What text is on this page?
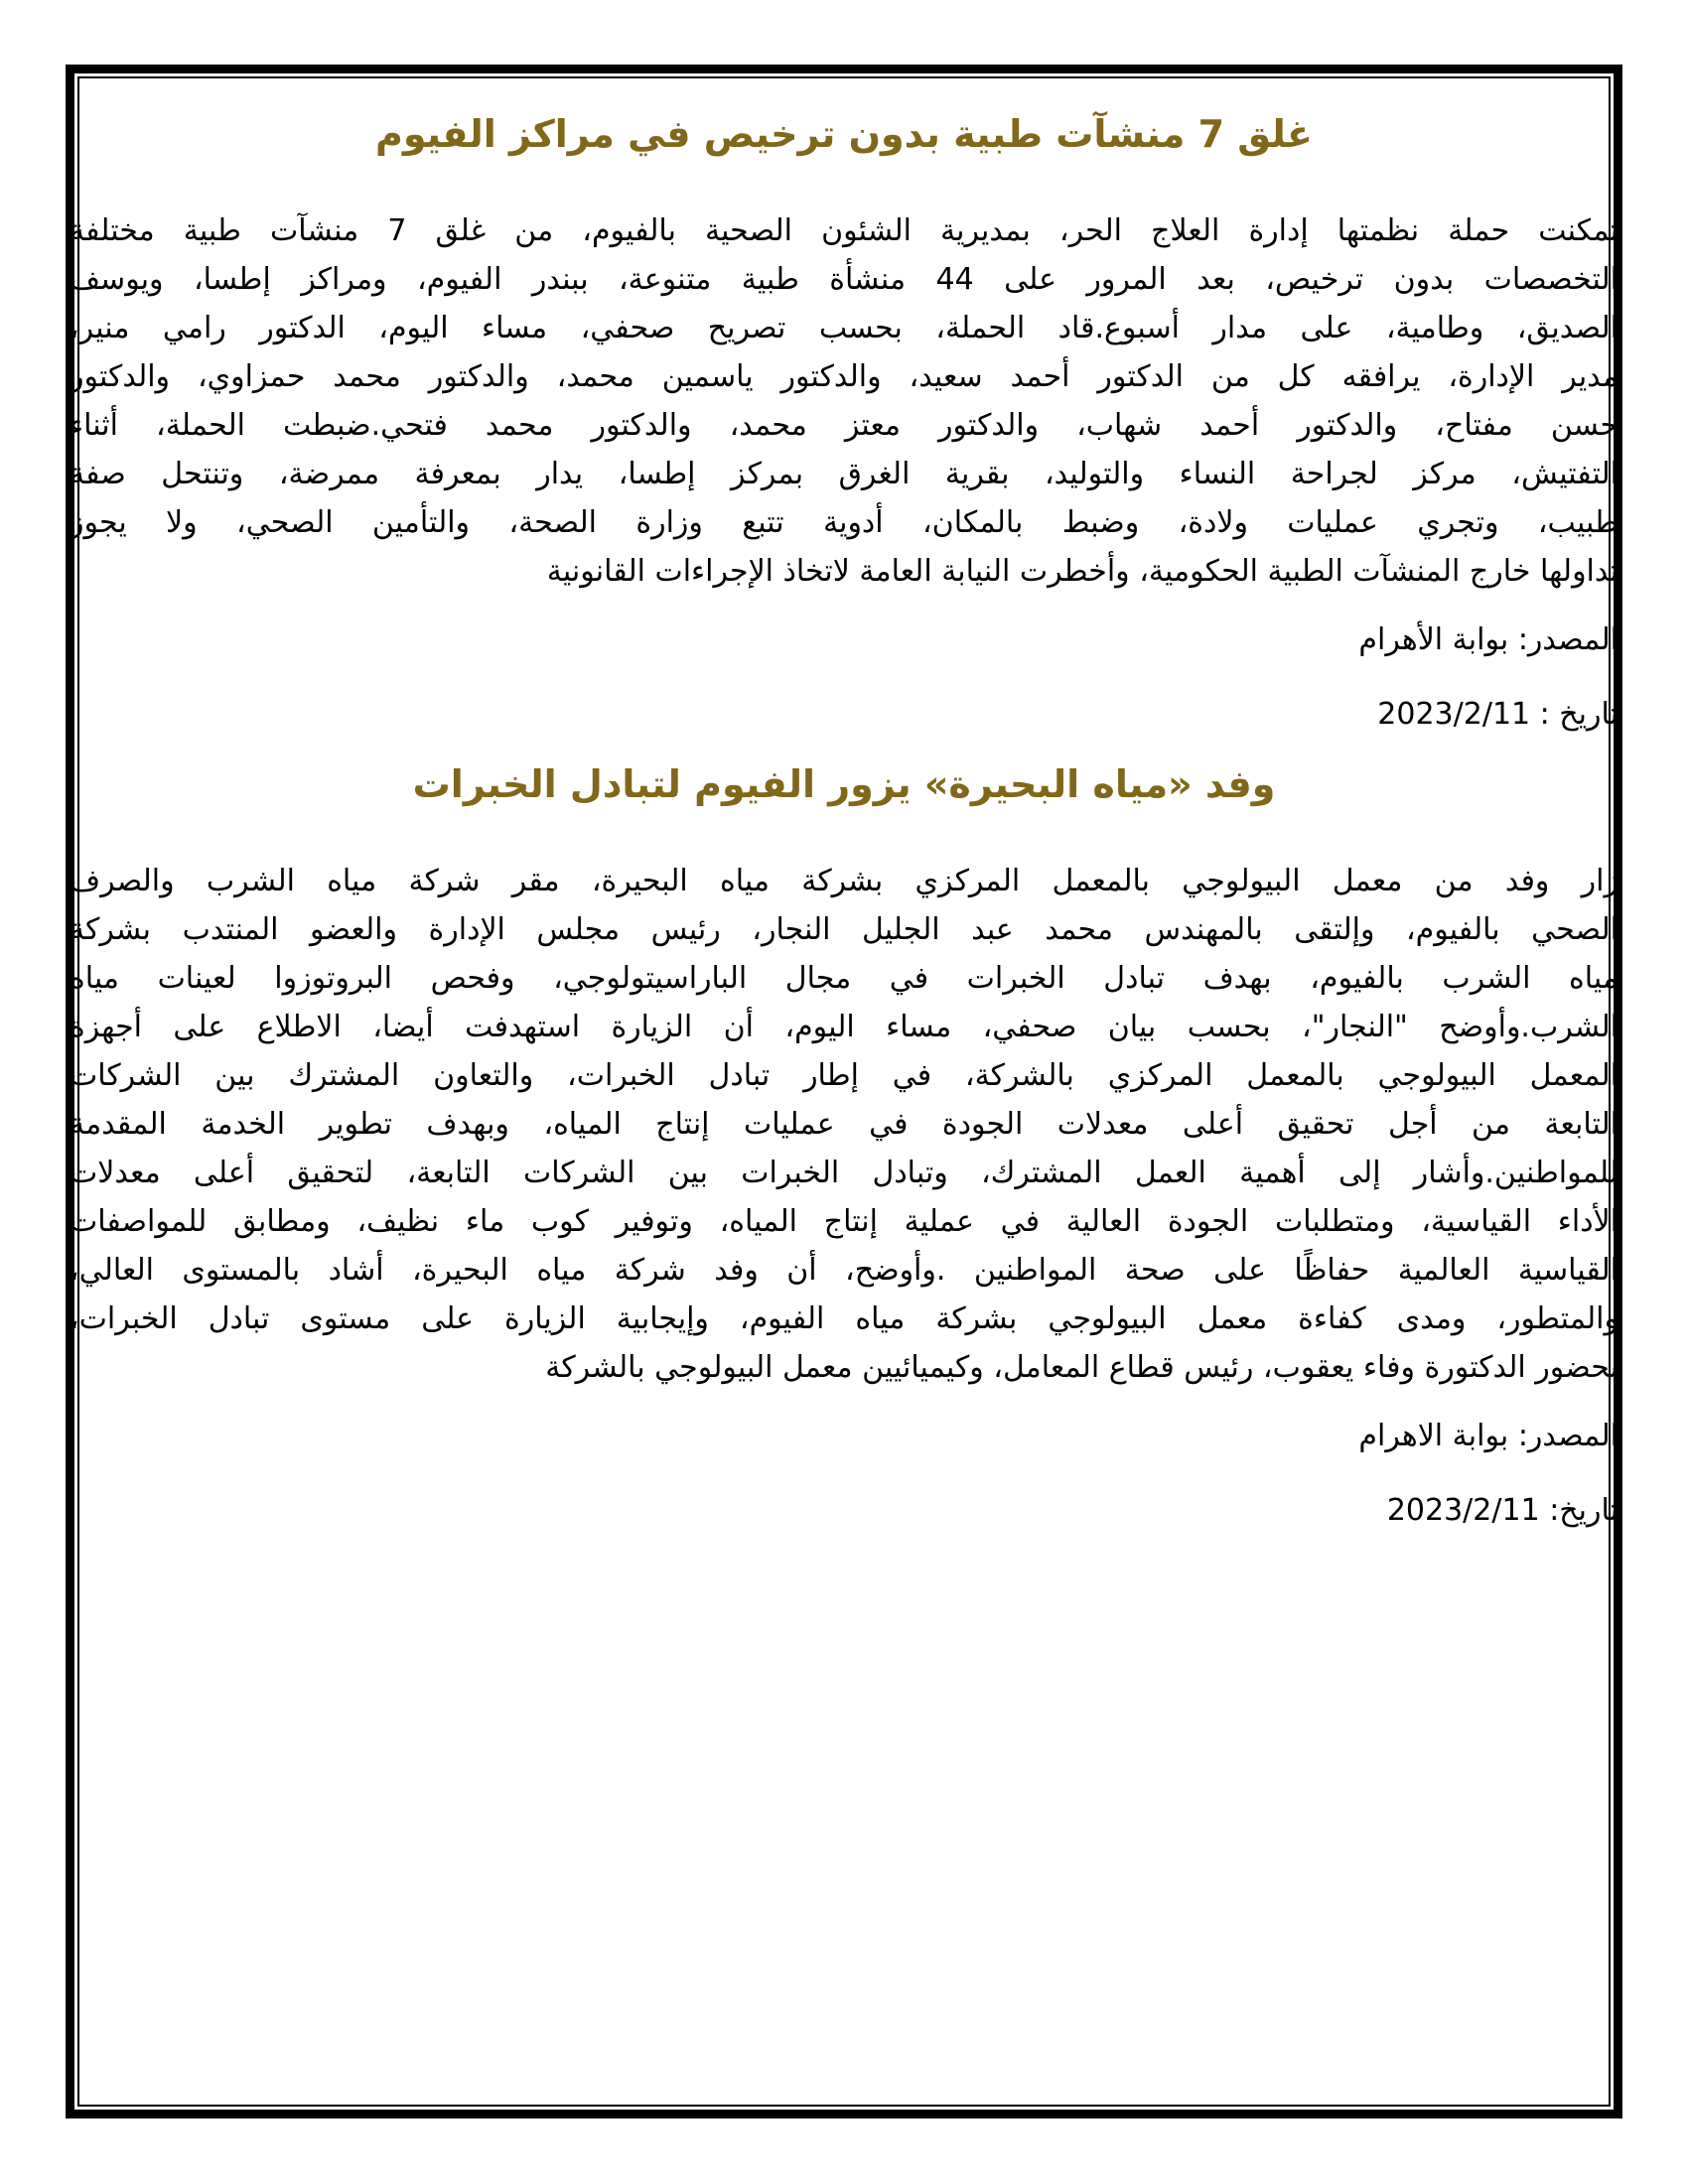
غلق 7 منشآت طبية بدون ترخيص في مراكز الفيوم
تمكنت حملة نظمتها إدارة العلاج الحر، بمديرية الشئون الصحية بالفيوم، من غلق 7 منشآت طبية مختلفة
التخصصات بدون ترخيص، بعد المرور على 44 منشأة طبية متنوعة، ببندر الفيوم، ومراكز إطسا، ويوسف
الصديق، وطامية، على مدار أسبوع.قاد الحملة، بحسب تصريح صحفي، مساء اليوم، الدكتور رامي منير،
مدير الإدارة، يرافقه كل من الدكتور أحمد سعيد، والدكتور ياسمين محمد، والدكتور محمد حمزاوي، والدكتور
حسن مفتاح، والدكتور أحمد شهاب، والدكتور معتز محمد، والدكتور محمد فتحي.ضبطت الحملة، أثناء
التفتيش، مركز لجراحة النساء والتوليد، بقرية الغرق بمركز إطسا، يدار بمعرفة ممرضة، وتنتحل صفة
طبيب، وتجري عمليات ولادة، وضبط بالمكان، أدوية تتبع وزارة الصحة، والتأمين الصحي، ولا يجوز
تداولها خارج المنشآت الطبية الحكومية، وأخطرت النيابة العامة لاتخاذ الإجراءات القانونية

المصدر: بوابة الأهرام

تاريخ : 2023/2/11

وفد «مياه البحيرة» يزور الفيوم لتبادل الخبرات
زار وفد من معمل البيولوجي بالمعمل المركزي بشركة مياه البحيرة، مقر شركة مياه الشرب والصرف
الصحي بالفيوم، وإلتقى بالمهندس محمد عبد الجليل النجار، رئيس مجلس الإدارة والعضو المنتدب بشركة
مياه الشرب بالفيوم، بهدف تبادل الخبرات في مجال الباراسيتولوجي، وفحص البروتوزوا لعينات مياه
الشرب.وأوضح "النجار"، بحسب بيان صحفي، مساء اليوم، أن الزيارة استهدفت أيضا، الاطلاع على أجهزة
المعمل البيولوجي بالمعمل المركزي بالشركة، في إطار تبادل الخبرات، والتعاون المشترك بين الشركات
التابعة من أجل تحقيق أعلى معدلات الجودة في عمليات إنتاج المياه، وبهدف تطوير الخدمة المقدمة
للمواطنين.وأشار إلى أهمية العمل المشترك، وتبادل الخبرات بين الشركات التابعة، لتحقيق أعلى معدلات
الأداء القياسية، ومتطلبات الجودة العالية في عملية إنتاج المياه، وتوفير كوب ماء نظيف، ومطابق للمواصفات
القياسية العالمية حفاظًا على صحة المواطنين .وأوضح، أن وفد شركة مياه البحيرة، أشاد بالمستوى العالي،
والمتطور، ومدى كفاءة معمل البيولوجي بشركة مياه الفيوم، وإيجابية الزيارة على مستوى تبادل الخبرات،
بحضور الدكتورة وفاء يعقوب، رئيس قطاع المعامل، وكيميائيين معمل البيولوجي بالشركة

المصدر: بوابة الاهرام

تاريخ: 2023/2/11
